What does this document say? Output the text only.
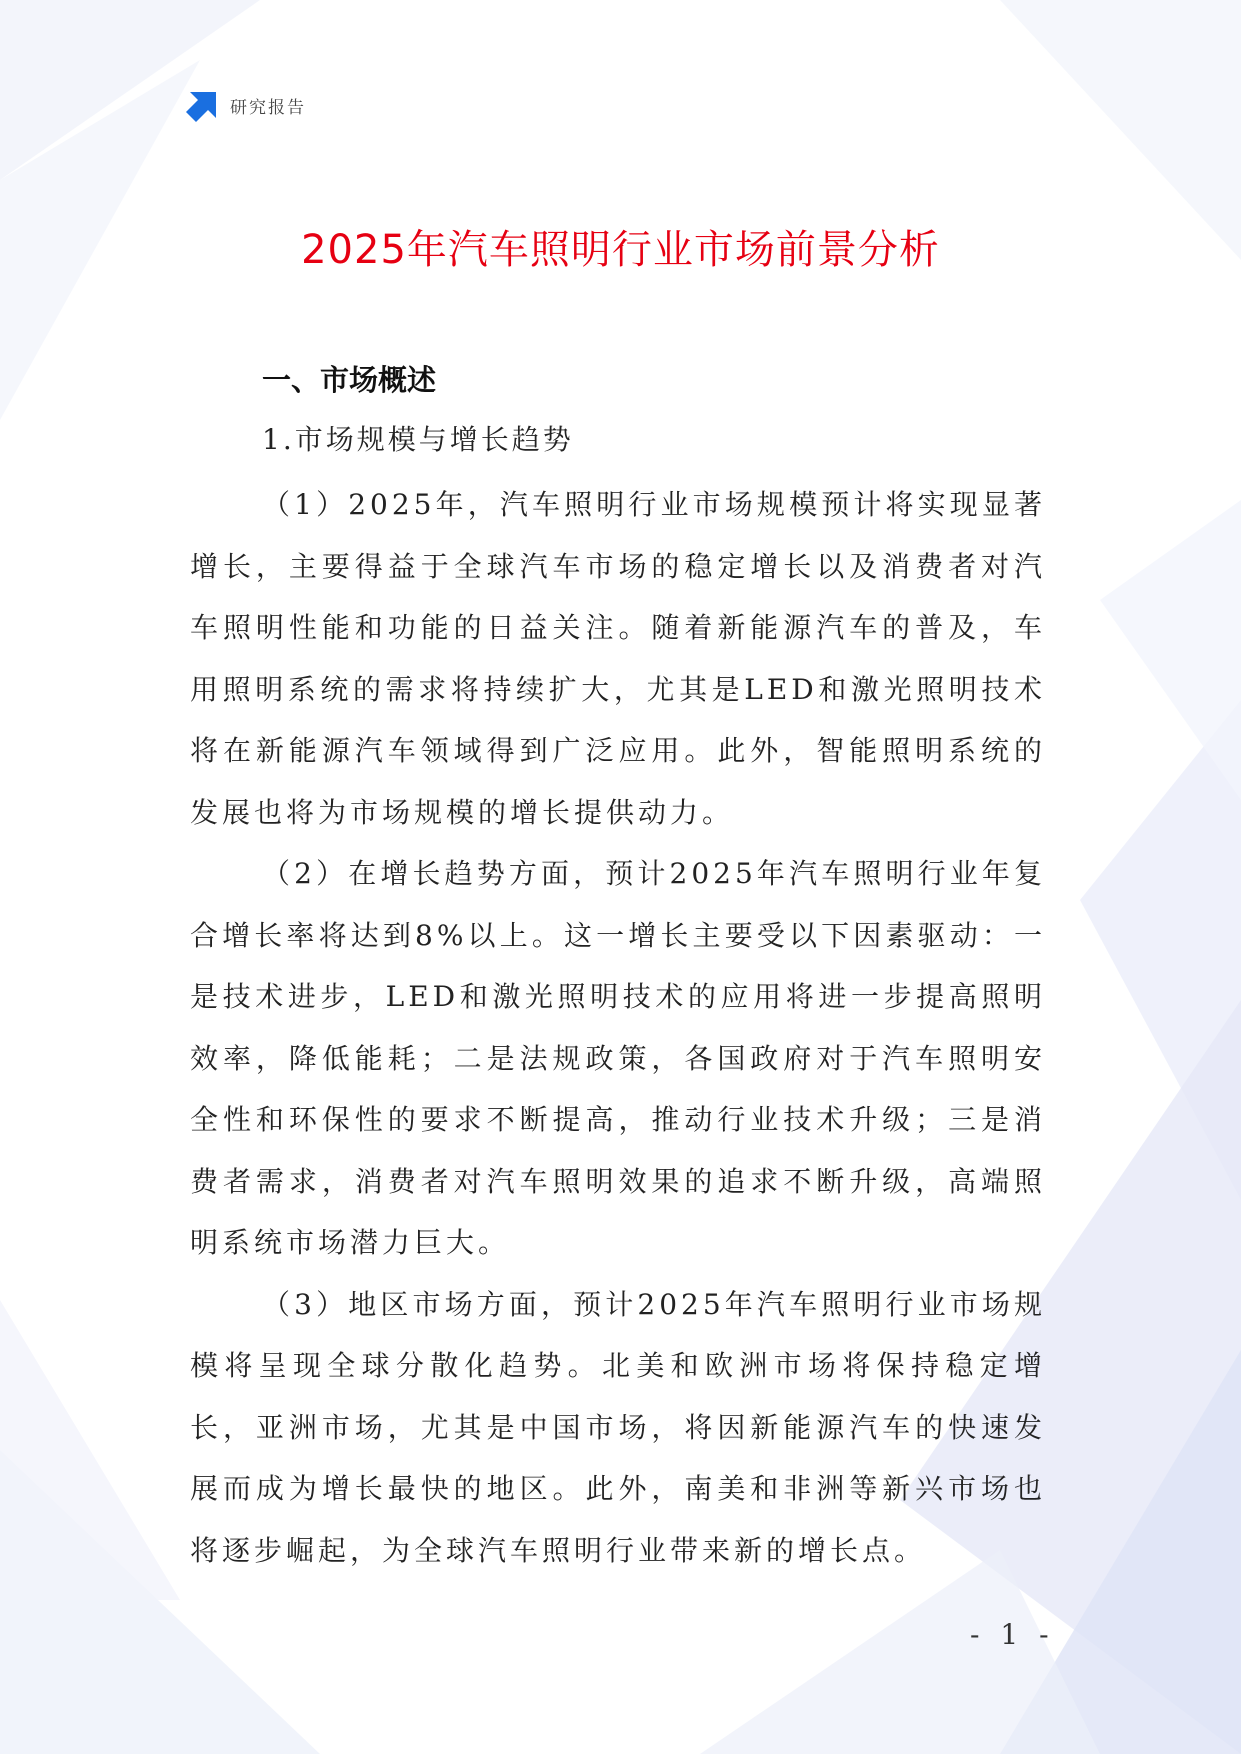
研究报告
2025年汽车照明行业市场前景分析
一、市场概述
1.市场规模与增长趋势

（1）2025年，汽车照明行业市场规模预计将实现显著增长，主要得益于全球汽车市场的稳定增长以及消费者对汽车照明性能和功能的日益关注。随着新能源汽车的普及，车用照明系统的需求将持续扩大，尤其是LED和激光照明技术将在新能源汽车领域得到广泛应用。此外，智能照明系统的发展也将为市场规模的增长提供动力。

（2）在增长趋势方面，预计2025年汽车照明行业年复合增长率将达到8%以上。这一增长主要受以下因素驱动：一是技术进步，LED和激光照明技术的应用将进一步提高照明效率，降低能耗；二是法规政策，各国政府对于汽车照明安全性和环保性的要求不断提高，推动行业技术升级；三是消费者需求，消费者对汽车照明效果的追求不断升级，高端照明系统市场潜力巨大。

（3）地区市场方面，预计2025年汽车照明行业市场规模将呈现全球分散化趋势。北美和欧洲市场将保持稳定增长，亚洲市场，尤其是中国市场，将因新能源汽车的快速发展而成为增长最快的地区。此外，南美和非洲等新兴市场也将逐步崛起，为全球汽车照明行业带来新的增长点。

- 1 -
